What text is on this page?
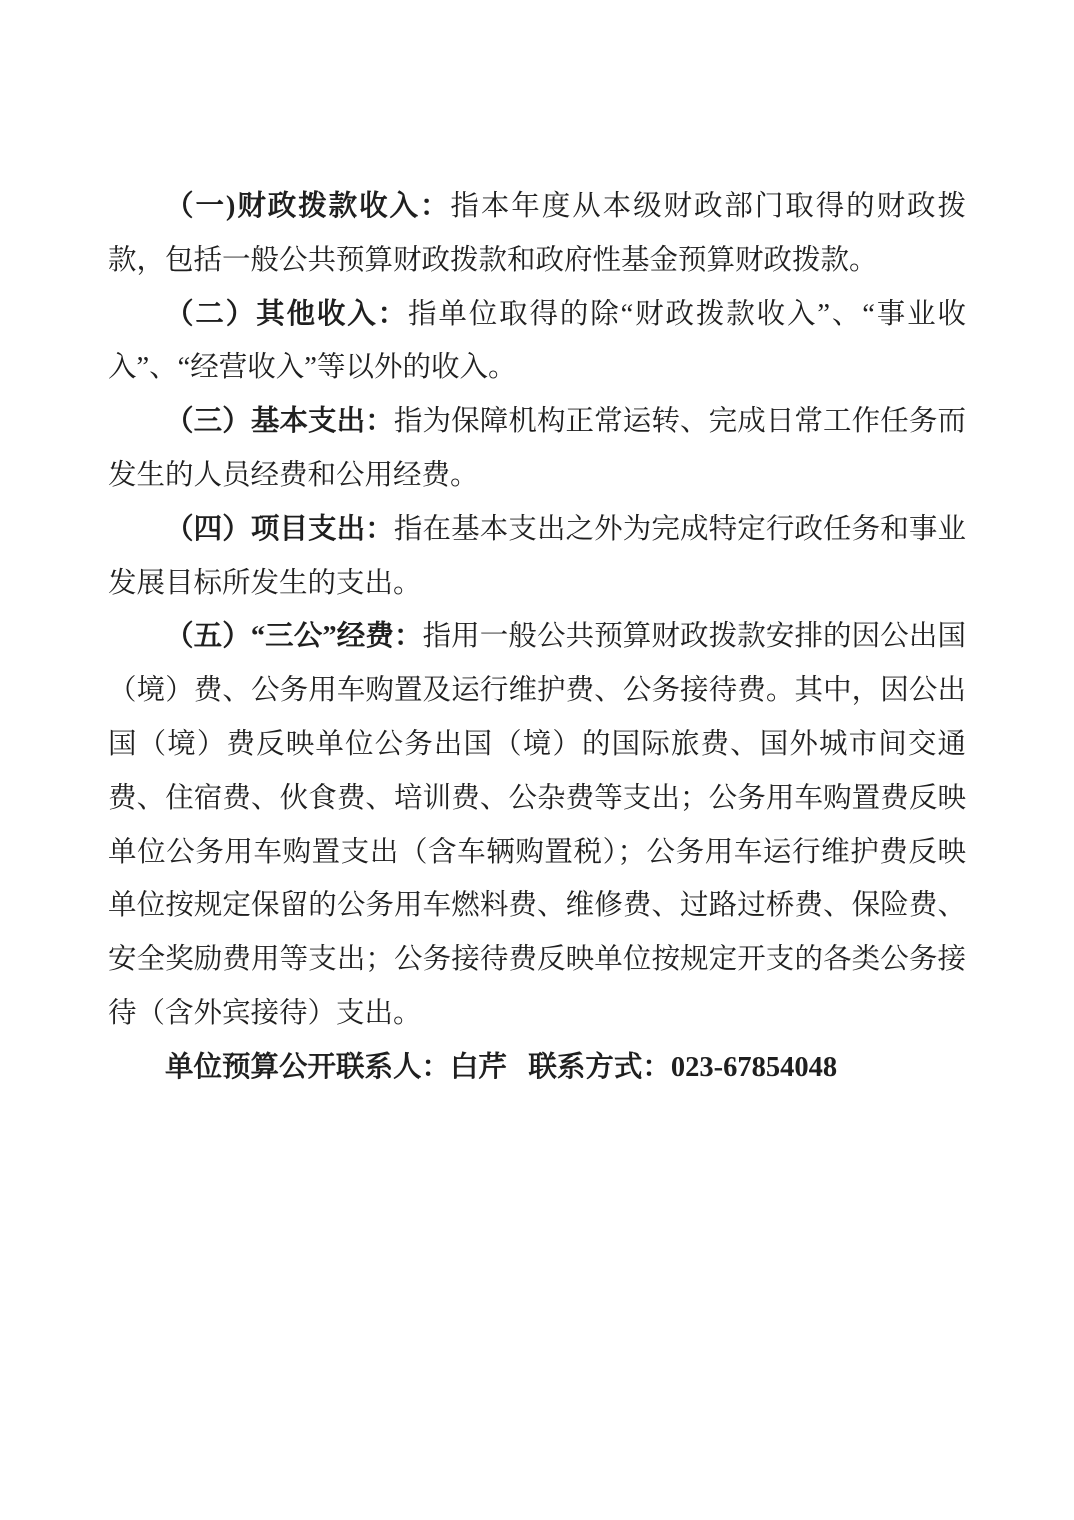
（一)财政拨款收入：指本年度从本级财政部门取得的财政拨款，包括一般公共预算财政拨款和政府性基金预算财政拨款。

（二）其他收入：指单位取得的除“财政拨款收入”、“事业收入”、“经营收入”等以外的收入。

（三）基本支出：指为保障机构正常运转、完成日常工作任务而发生的人员经费和公用经费。

（四）项目支出：指在基本支出之外为完成特定行政任务和事业发展目标所发生的支出。

（五）“三公”经费：指用一般公共预算财政拨款安排的因公出国（境）费、公务用车购置及运行维护费、公务接待费。其中，因公出国（境）费反映单位公务出国（境）的国际旅费、国外城市间交通费、住宿费、伙食费、培训费、公杂费等支出；公务用车购置费反映单位公务用车购置支出（含车辆购置税）；公务用车运行维护费反映单位按规定保留的公务用车燃料费、维修费、过路过桥费、保险费、安全奖励费用等支出；公务接待费反映单位按规定开支的各类公务接待（含外宾接待）支出。

单位预算公开联系人：白芹 联系方式：023-67854048
